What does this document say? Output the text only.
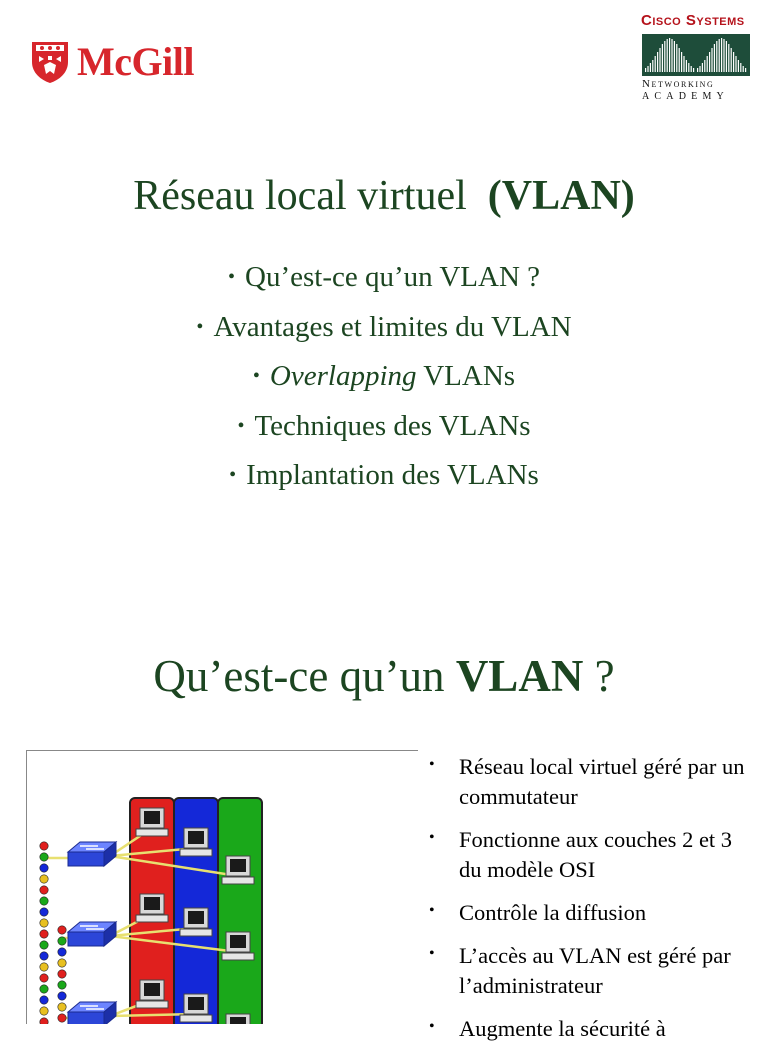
McGill
Cisco Systems
Networking
ACADEMY
Réseau local virtuel  (VLAN)
• Qu’est-ce qu’un VLAN ?
• Avantages et limites du VLAN
• Overlapping VLANs
• Techniques des VLANs
• Implantation des VLANs
Qu’est-ce qu’un VLAN ?
• Réseau local virtuel géré par un commutateur
• Fonctionne aux couches 2 et 3 du modèle OSI
• Contrôle la diffusion
• L’accès au VLAN est géré par l’administrateur
• Augmente la sécurité à
